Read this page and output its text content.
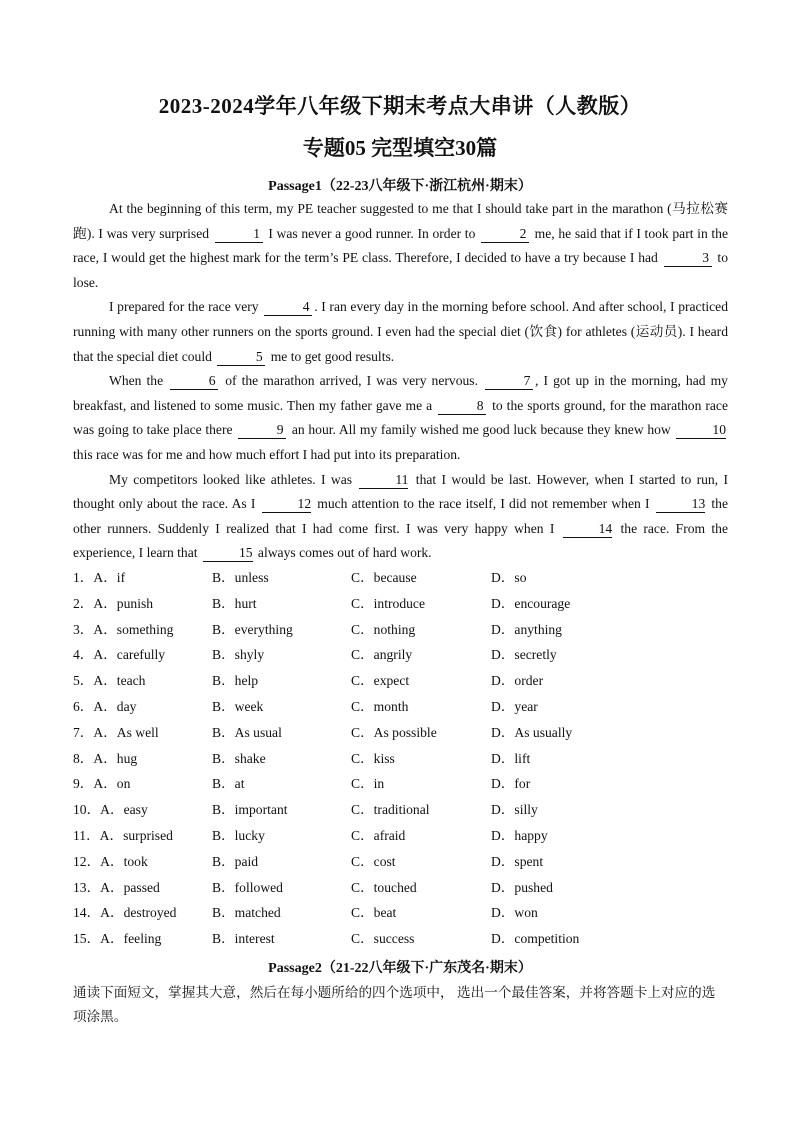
2023-2024学年八年级下期末考点大串讲（人教版）
专题05 完型填空30篇
Passage1（22-23八年级下·浙江杭州·期末）

At the beginning of this term, my PE teacher suggested to me that I should take part in the marathon (马拉松赛跑). I was very surprised	1 I was never a good runner. In order to	2 me, he said that if I took part in the race, I would get the highest mark for the term’s PE class. Therefore, I decided to have a try because I had	3 to lose.

I prepared for the race very	4 . I ran every day in the morning before school. And after school, I practiced running with many other runners on the sports ground. I even had the special diet (饮食) for athletes (运动员). I heard that the special diet could	5 me to get good results.

When the	6 of the marathon arrived, I was very nervous.	7 , I got up in the morning, had my breakfast, and listened to some music. Then my father gave me a	8 to the sports ground, for the marathon race was going to take place there	9 an hour. All my family wished me good luck because they knew how	10 this race was for me and how much effort I had put into its preparation.

My competitors looked like athletes. I was	11 that I would be last. However, when I started to run, I thought only about the race. As I	12 much attention to the race itself, I did not remember when I	13 the other runners. Suddenly I realized that I had come first. I was very happy when I	14 the race. From the experience, I learn that	15 always comes out of hard work.

1．A．if	B．unless	C．because	D．so
2．A．punish	B．hurt	C．introduce	D．encourage
3．A．something	B．everything	C．nothing	D．anything
4．A．carefully	B．shyly	C．angrily	D．secretly
5．A．teach	B．help	C．expect	D．order
6．A．day	B．week	C．month	D．year
7．A．As well	B．As usual	C．As possible	D．As usually
8．A．hug	B．shake	C．kiss	D．lift
9．A．on	B．at	C．in	D．for
10．A．easy	B．important	C．traditional	D．silly
11．A．surprised	B．lucky	C．afraid	D．happy
12．A．took	B．paid	C．cost	D．spent
13．A．passed	B．followed	C．touched	D．pushed
14．A．destroyed	B．matched	C．beat	D．won
15．A．feeling	B．interest	C．success	D．competition
Passage2（21-22八年级下·广东茂名·期末）
通读下面短文，掌握其大意，然后在每小题所给的四个选项中， 选出一个最佳答案，并将答题卡上对应的选项涂黑。
